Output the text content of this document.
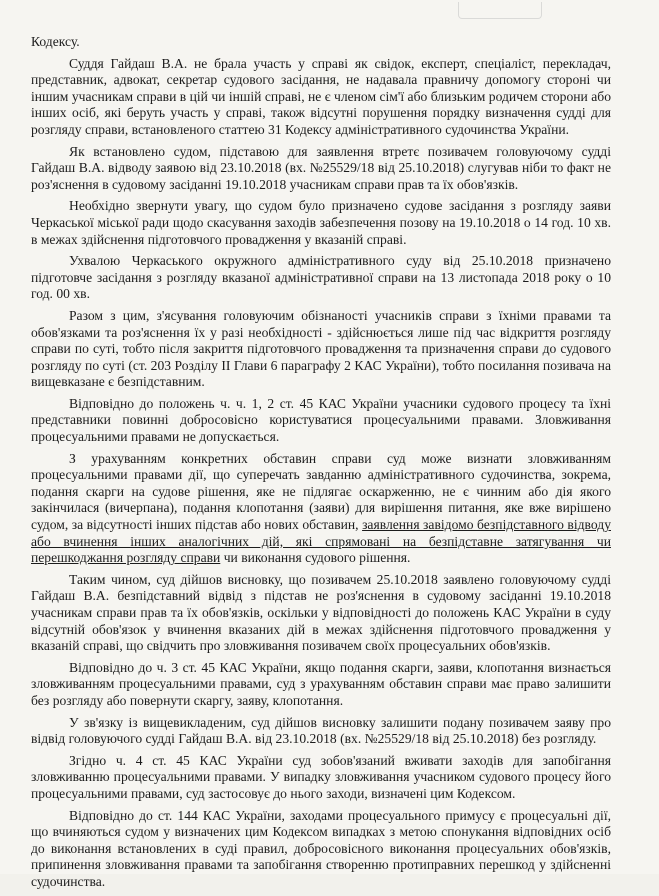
Кодексу.

Суддя Гайдаш В.А. не брала участь у справі як свідок, експерт, спеціаліст, перекладач, представник, адвокат, секретар судового засідання, не надавала правничу допомогу стороні чи іншим учасникам справи в цій чи іншій справі, не є членом сім'ї або близьким родичем сторони або інших осіб, які беруть участь у справі, також відсутні порушення порядку визначення судді для розгляду справи, встановленого статтею 31 Кодексу адміністративного судочинства України.

Як встановлено судом, підставою для заявлення втретє позивачем головуючому судді Гайдаш В.А. відводу заявою від 23.10.2018 (вх. №25529/18 від 25.10.2018) слугував ніби то факт не роз'яснення в судовому засіданні 19.10.2018 учасникам справи прав та їх обов'язків.

Необхідно звернути увагу, що судом було призначено судове засідання з розгляду заяви Черкаської міської ради щодо скасування заходів забезпечення позову на 19.10.2018 о 14 год. 10 хв. в межах здійснення підготовчого провадження у вказаній справі.

Ухвалою Черкаського окружного адміністративного суду від 25.10.2018 призначено підготовче засідання з розгляду вказаної адміністративної справи на 13 листопада 2018 року о 10 год. 00 хв.

Разом з цим, з'ясування головуючим обізнаності учасників справи з їхніми правами та обов'язками та роз'яснення їх у разі необхідності - здійснюється лише під час відкриття розгляду справи по суті, тобто після закриття підготовчого провадження та призначення справи до судового розгляду по суті (ст. 203 Розділу ІІ Глави 6 параграфу 2 КАС України), тобто посилання позивача на вищевказане є безпідставним.

Відповідно до положень ч. ч. 1, 2 ст. 45 КАС України учасники судового процесу та їхні представники повинні добросовісно користуватися процесуальними правами. Зловживання процесуальними правами не допускається.

З урахуванням конкретних обставин справи суд може визнати зловживанням процесуальними правами дії, що суперечать завданню адміністративного судочинства, зокрема, подання скарги на судове рішення, яке не підлягає оскарженню, не є чинним або дія якого закінчилася (вичерпана), подання клопотання (заяви) для вирішення питання, яке вже вирішено судом, за відсутності інших підстав або нових обставин, заявлення завідомо безпідставного відводу або вчинення інших аналогічних дій, які спрямовані на безпідставне затягування чи перешкоджання розгляду справи чи виконання судового рішення.

Таким чином, суд дійшов висновку, що позивачем 25.10.2018 заявлено головуючому судді Гайдаш В.А. безпідставний відвід з підстав не роз'яснення в судовому засіданні 19.10.2018 учасникам справи прав та їх обов'язків, оскільки у відповідності до положень КАС України в суду відсутній обов'язок у вчинення вказаних дій в межах здійснення підготовчого провадження у вказаній справі, що свідчить про зловживання позивачем своїх процесуальних обов'язків.

Відповідно до ч. 3 ст. 45 КАС України, якщо подання скарги, заяви, клопотання визнається зловживанням процесуальними правами, суд з урахуванням обставин справи має право залишити без розгляду або повернути скаргу, заяву, клопотання.

У зв'язку із вищевикладеним, суд дійшов висновку залишити подану позивачем заяву про відвід головуючого судді Гайдаш В.А. від 23.10.2018 (вх. №25529/18 від 25.10.2018) без розгляду.

Згідно ч. 4 ст. 45 КАС України суд зобов'язаний вживати заходів для запобігання зловживанню процесуальними правами. У випадку зловживання учасником судового процесу його процесуальними правами, суд застосовує до нього заходи, визначені цим Кодексом.

Відповідно до ст. 144 КАС України, заходами процесуального примусу є процесуальні дії, що вчиняються судом у визначених цим Кодексом випадках з метою спонукання відповідних осіб до виконання встановлених в суді правил, добросовісного виконання процесуальних обов'язків, припинення зловживання правами та запобігання створенню протиправних перешкод у здійсненні судочинства.
